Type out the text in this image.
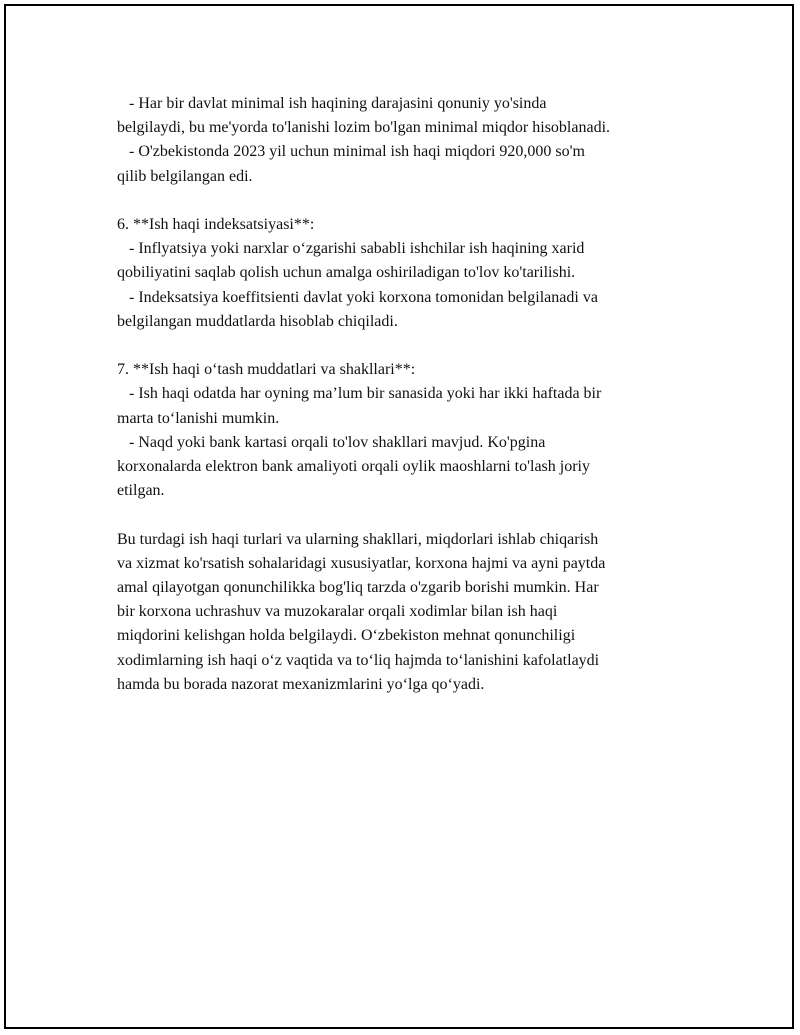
- Har bir davlat minimal ish haqining darajasini qonuniy yo'sinda
belgilaydi, bu me'yorda to'lanishi lozim bo'lgan minimal miqdor hisoblanadi.
- O'zbekistonda 2023 yil uchun minimal ish haqi miqdori 920,000 so'm
qilib belgilangan edi.
6. **Ish haqi indeksatsiyasi**:
- Inflyatsiya yoki narxlar o‘zgarishi sababli ishchilar ish haqining xarid
qobiliyatini saqlab qolish uchun amalga oshiriladigan to'lov ko'tarilishi.
- Indeksatsiya koeffitsienti davlat yoki korxona tomonidan belgilanadi va
belgilangan muddatlarda hisoblab chiqiladi.
7. **Ish haqi o‘tash muddatlari va shakllari**:
- Ish haqi odatda har oyning ma’lum bir sanasida yoki har ikki haftada bir
marta to‘lanishi mumkin.
- Naqd yoki bank kartasi orqali to'lov shakllari mavjud. Ko'pgina
korxonalarda elektron bank amaliyoti orqali oylik maoshlarni to'lash joriy
etilgan.
Bu turdagi ish haqi turlari va ularning shakllari, miqdorlari ishlab chiqarish
va xizmat ko'rsatish sohalaridagi xususiyatlar, korxona hajmi va ayni paytda
amal qilayotgan qonunchilikka bog'liq tarzda o'zgarib borishi mumkin. Har
bir korxona uchrashuv va muzokaralar orqali xodimlar bilan ish haqi
miqdorini kelishgan holda belgilaydi. O‘zbekiston mehnat qonunchiligi
xodimlarning ish haqi o‘z vaqtida va to‘liq hajmda to‘lanishini kafolatlaydi
hamda bu borada nazorat mexanizmlarini yo‘lga qo‘yadi.
